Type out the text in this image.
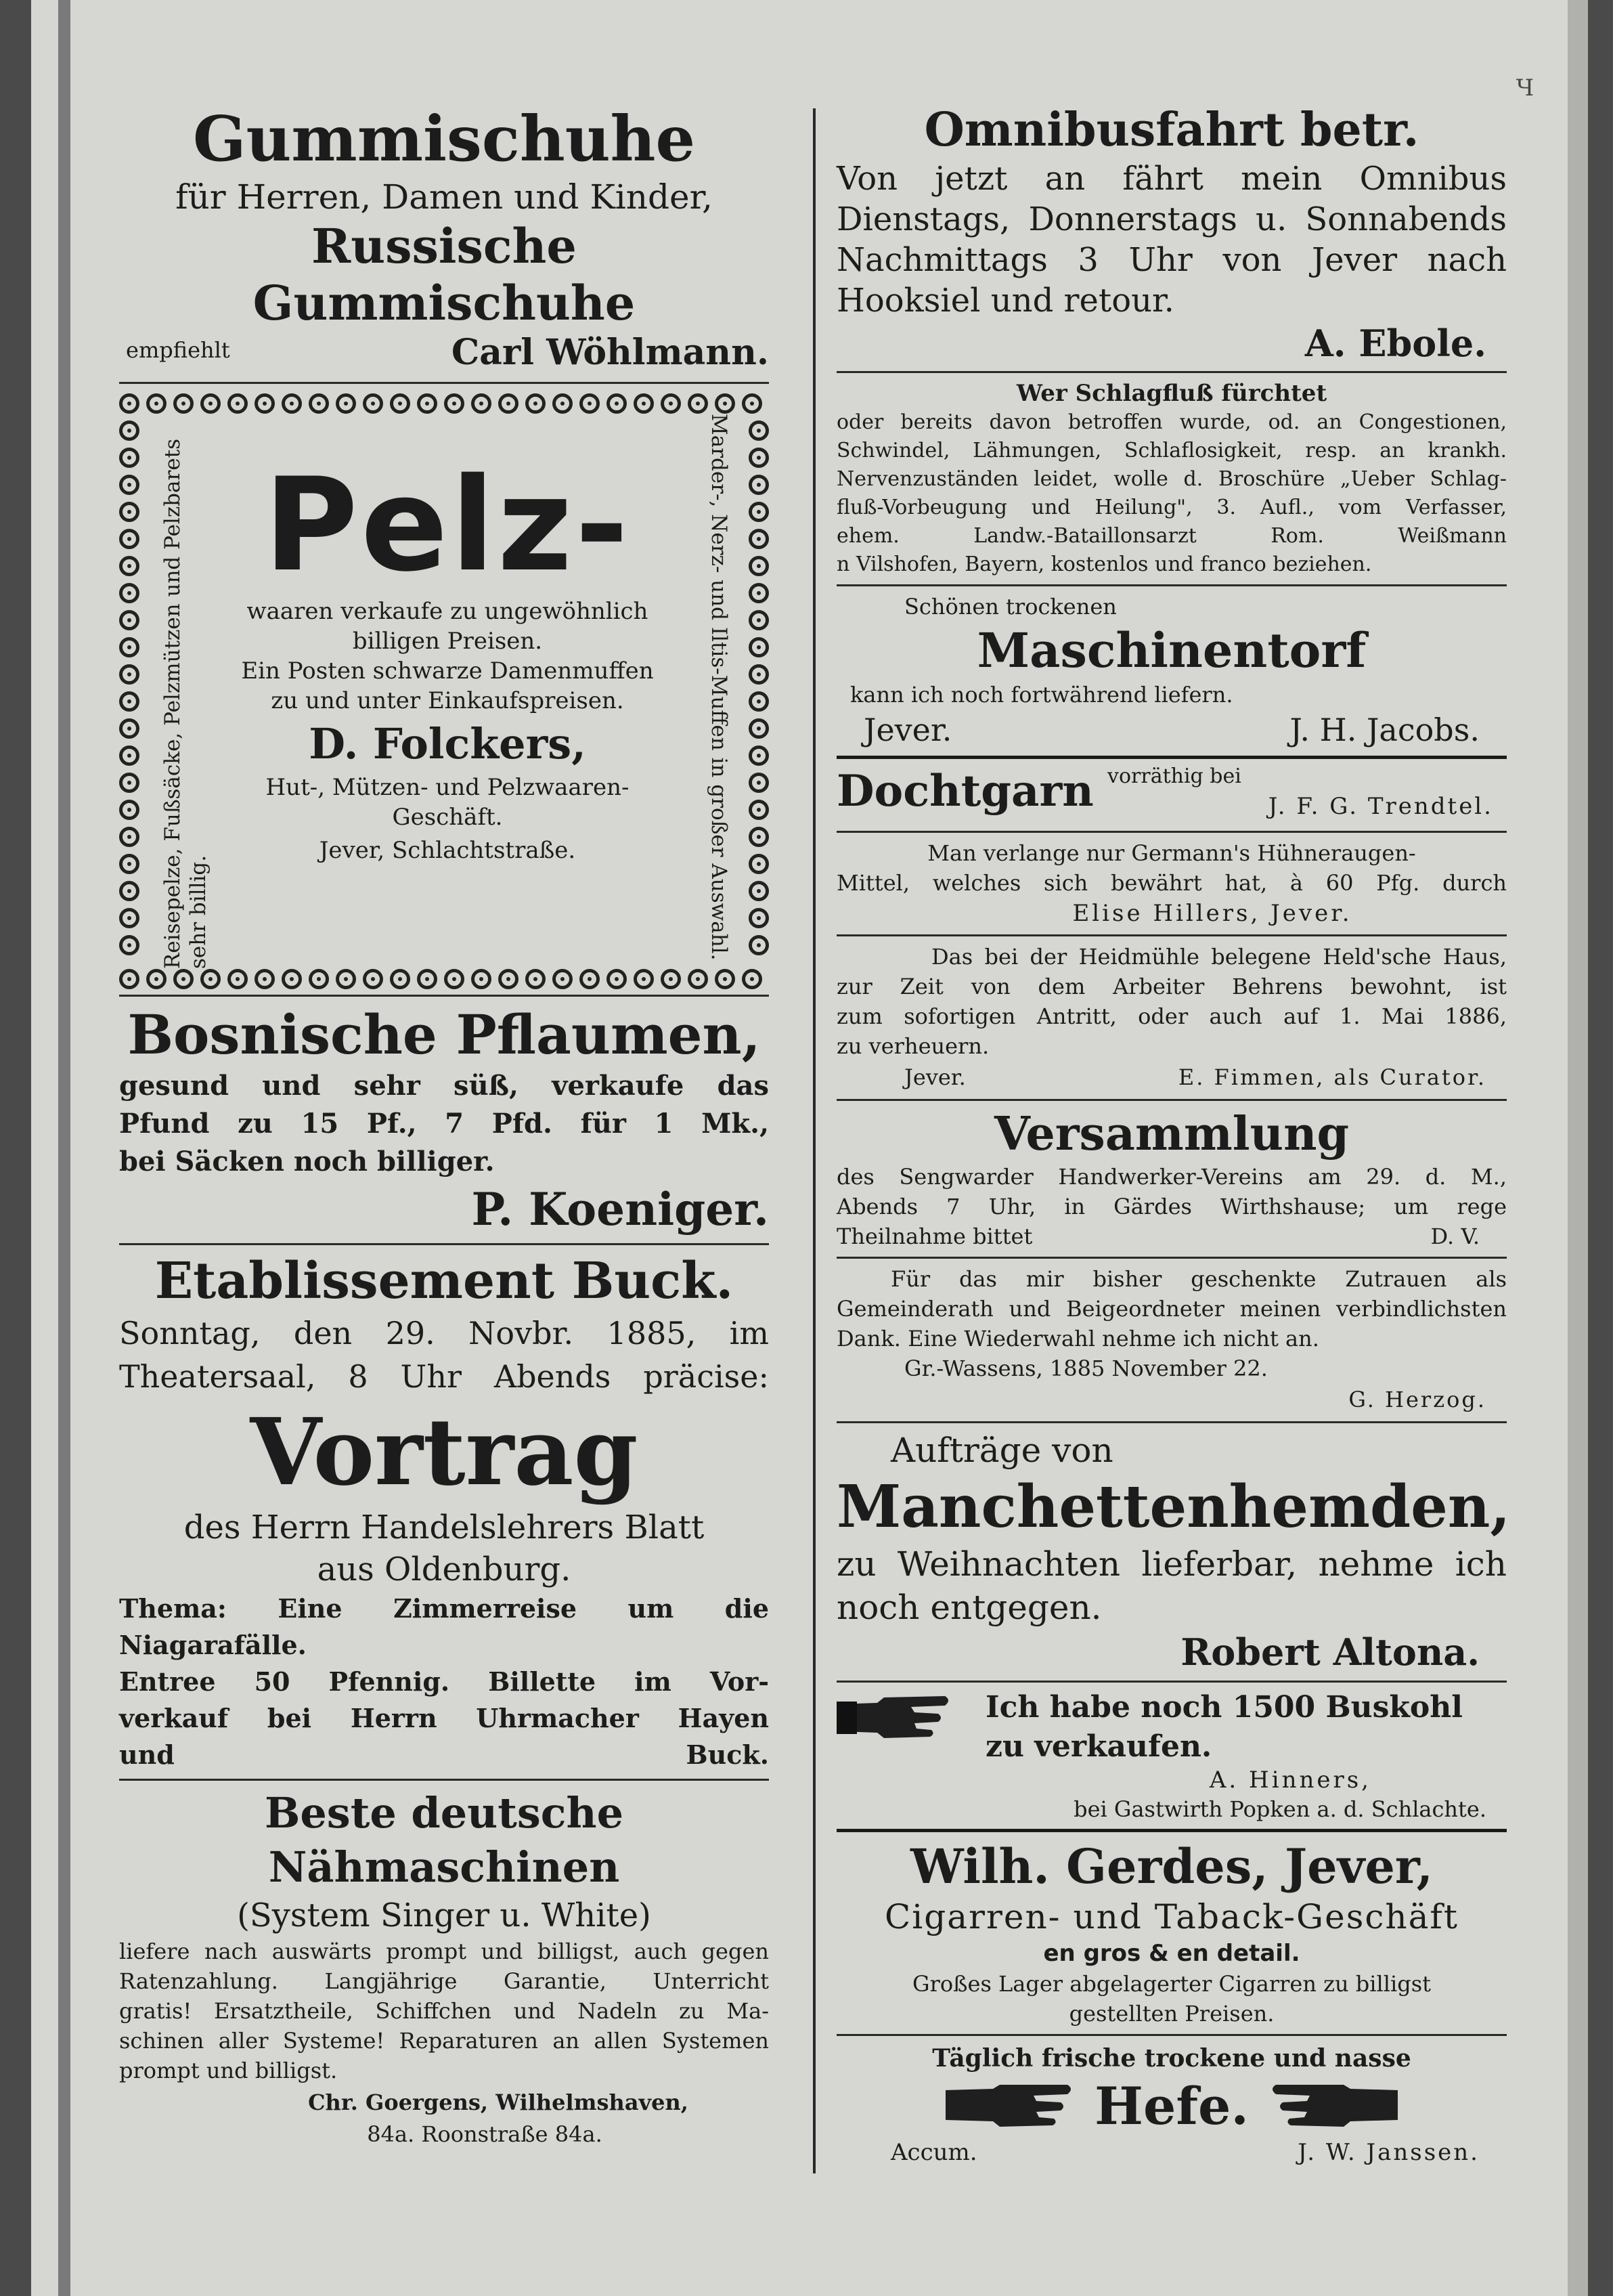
Ч

Gummischuhe

für Herren, Damen und Kinder,

Russische Gummischuhe

empfiehlt	Carl Wöhlmann.
Reisepelze, Fußsäcke, Pelzmützen und Pelzbarets sehr billig.	Marder-, Nerz- und Iltis-Muffen in großer Auswahl.

Pelz-

waaren verkaufe zu ungewöhnlich

billigen Preisen.

Ein Posten schwarze Damenmuffen

zu und unter Einkaufspreisen.

D. Folckers,

Hut-, Mützen- und Pelzwaaren-

Geschäft.

Jever, Schlachtstraße.

Bosnische Pflaumen,

gesund und sehr süß, verkaufe das

Pfund zu 15 Pf., 7 Pfd. für 1 Mk.,

bei Säcken noch billiger.

P. Koeniger.

Etablissement Buck.

Sonntag, den 29. Novbr. 1885, im

Theatersaal, 8 Uhr Abends präcise:

Vortrag

des Herrn Handelslehrers Blatt

aus Oldenburg.

Thema: Eine Zimmerreise um die

Niagarafälle.

Entree 50 Pfennig. Billette im Vor-

verkauf bei Herrn Uhrmacher Hayen

und	Buck.

Beste deutsche Nähmaschinen

(System Singer u. White)

liefere nach auswärts prompt und billigst, auch gegen

Ratenzahlung. Langjährige Garantie, Unterricht

gratis! Ersatztheile, Schiffchen und Nadeln zu Ma-

schinen aller Systeme! Reparaturen an allen Systemen

prompt und billigst.

Chr. Goergens, Wilhelmshaven,

84a. Roonstraße 84a.

Omnibusfahrt betr.

Von jetzt an fährt mein Omnibus

Dienstags, Donnerstags u. Sonnabends

Nachmittags 3 Uhr von Jever nach

Hooksiel und retour.

A. Ebole.

Wer Schlagfluß fürchtet

oder bereits davon betroffen wurde, od. an Congestionen,

Schwindel, Lähmungen, Schlaflosigkeit, resp. an krankh.

Nervenzuständen leidet, wolle d. Broschüre „Ueber Schlag-

fluß-Vorbeugung und Heilung", 3. Aufl., vom Verfasser,

ehem. Landw.-Bataillonsarzt Rom. Weißmann

n Vilshofen, Bayern, kostenlos und franco beziehen.

Schönen trockenen

Maschinentorf

kann ich noch fortwährend liefern.

Jever.	J. H. Jacobs.
Dochtgarn vorräthig bei
J. F. G. Trendtel.

Man verlange nur Germann's Hühneraugen-

Mittel, welches sich bewährt hat, à 60 Pfg. durch

Elise Hillers, Jever.

Das bei der Heidmühle belegene Held'sche Haus,

zur Zeit von dem Arbeiter Behrens bewohnt, ist

zum sofortigen Antritt, oder auch auf 1. Mai 1886,

zu verheuern.

Jever.	E. Fimmen, als Curator.

Versammlung

des Sengwarder Handwerker-Vereins am 29. d. M.,

Abends 7 Uhr, in Gärdes Wirthshause; um rege

Theilnahme bittet	D. V.

Für das mir bisher geschenkte Zutrauen als

Gemeinderath und Beigeordneter meinen verbindlichsten

Dank. Eine Wiederwahl nehme ich nicht an.

Gr.-Wassens, 1885 November 22.

G. Herzog.

Aufträge von

Manchettenhemden,

zu Weihnachten lieferbar, nehme ich

noch entgegen.

Robert Altona.

Ich habe noch 1500 Buskohl

zu verkaufen.

A. Hinners,

bei Gastwirth Popken a. d. Schlachte.

Wilh. Gerdes, Jever,

Cigarren- und Taback-Geschäft

en gros & en detail.

Großes Lager abgelagerter Cigarren zu billigst

gestellten Preisen.

Täglich frische trockene und nasse

Hefe.
Accum.	J. W. Janssen.
